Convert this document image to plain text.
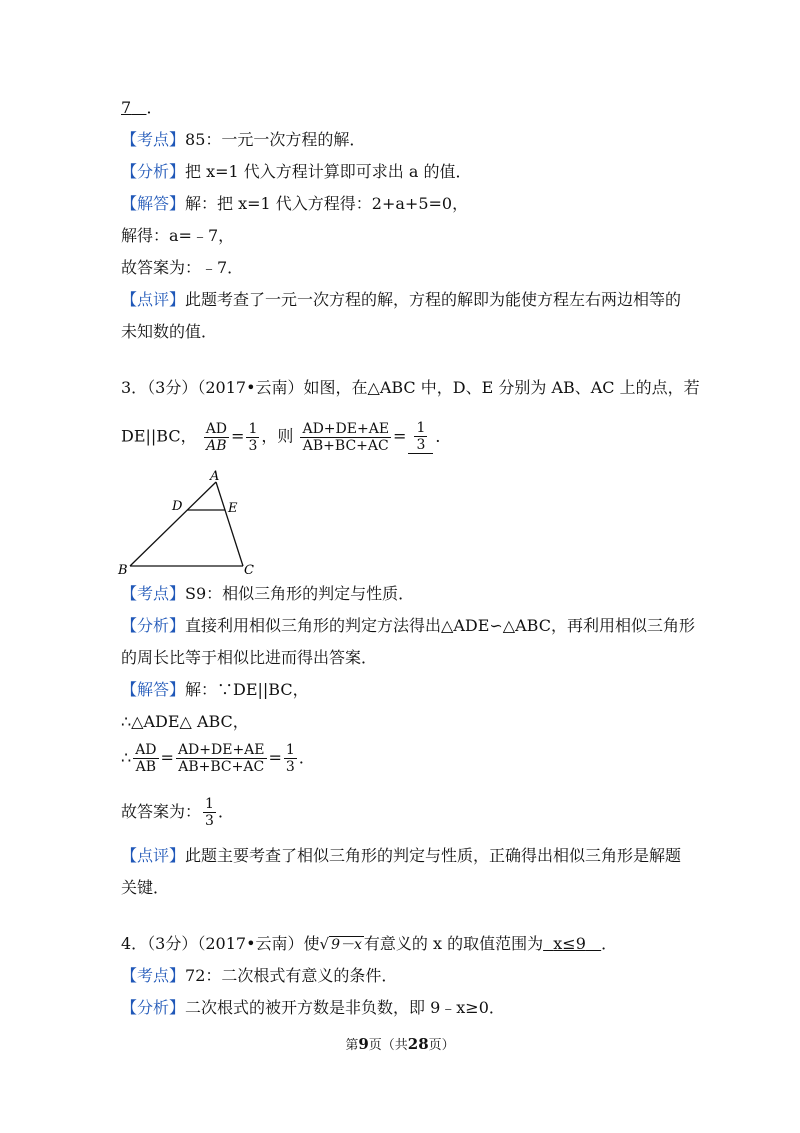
7 ．
【考点】85：一元一次方程的解．
【分析】把 x=1 代入方程计算即可求出 a 的值．
【解答】解：把 x=1 代入方程得：2+a+5=0，
解得：a=﹣7，
故答案为：﹣7．
【点评】此题考查了一元一次方程的解，方程的解即为能使方程左右两边相等的
未知数的值．
3．（3分）（2017•云南）如图，在△ABC 中，D、E 分别为 AB、AC 上的点，若
DE||BC， $\frac{AD}{AB} = \frac{1}{3}$ ，则 $\frac{AD+DE+AE}{AB+BC+AC} = \frac{1}{3}$ ．
A
B	C
D	E
【考点】S9：相似三角形的判定与性质．
【分析】直接利用相似三角形的判定方法得出△ADE∽△ABC，再利用相似三角形
的周长比等于相似比进而得出答案．
【解答】解：∵DE||BC，
∴△ADE△ ABC，
∴ $\frac{AD}{AB} = \frac{AD+DE+AE}{AB+BC+AC} = \frac{1}{3}$ ．
故答案为： $\frac{1}{3}$ ．
【点评】此题主要考查了相似三角形的判定与性质，正确得出相似三角形是解题
关键．
4．（3分）（2017•云南）使√ 9－x 有意义的 x 的取值范围为 x≤9 ．
【考点】72：二次根式有意义的条件．
【分析】二次根式的被开方数是非负数，即 9﹣x≥0．
第9页（共28页）
